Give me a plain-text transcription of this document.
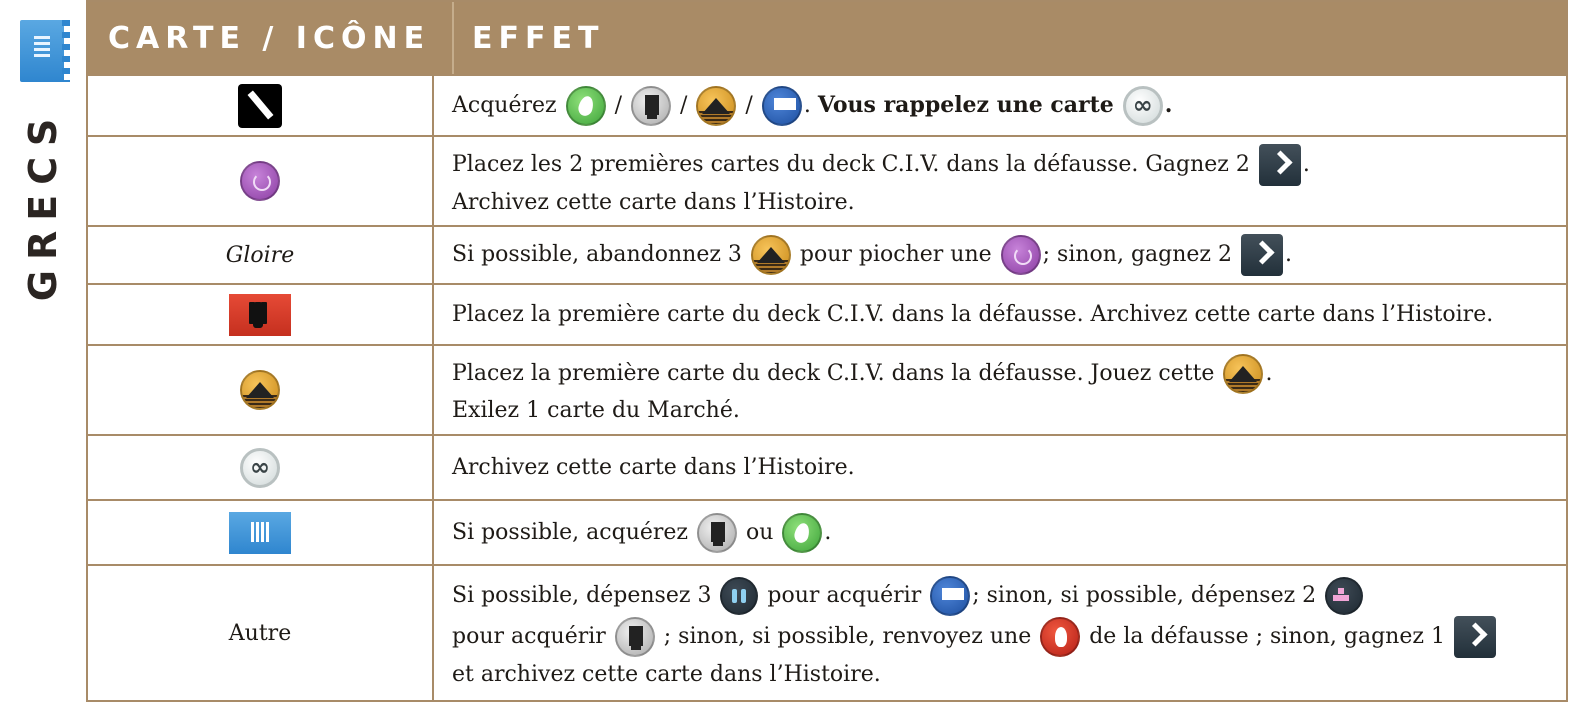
GRECS
CARTE / ICÔNE	EFFET
Acquérez  /  /  / . Vous rappelez une carte ∞ .
Placez les 2 premières cartes du deck C.I.V. dans la défausse. Gagnez 2 .
Archivez cette carte dans l’Histoire.
Gloire	Si possible, abandonnez 3  pour piocher une ; sinon, gagnez 2 .
Placez la première carte du deck C.I.V. dans la défausse. Archivez cette carte dans l’Histoire.
Placez la première carte du deck C.I.V. dans la défausse. Jouez cette .
Exilez 1 carte du Marché.
∞
Archivez cette carte dans l’Histoire.
Si possible, acquérez  ou .
Autre
Si possible, dépensez 3  pour acquérir ; sinon, si possible, dépensez 2
pour acquérir  ; sinon, si possible, renvoyez une  de la défausse ; sinon, gagnez 1
et archivez cette carte dans l’Histoire.
